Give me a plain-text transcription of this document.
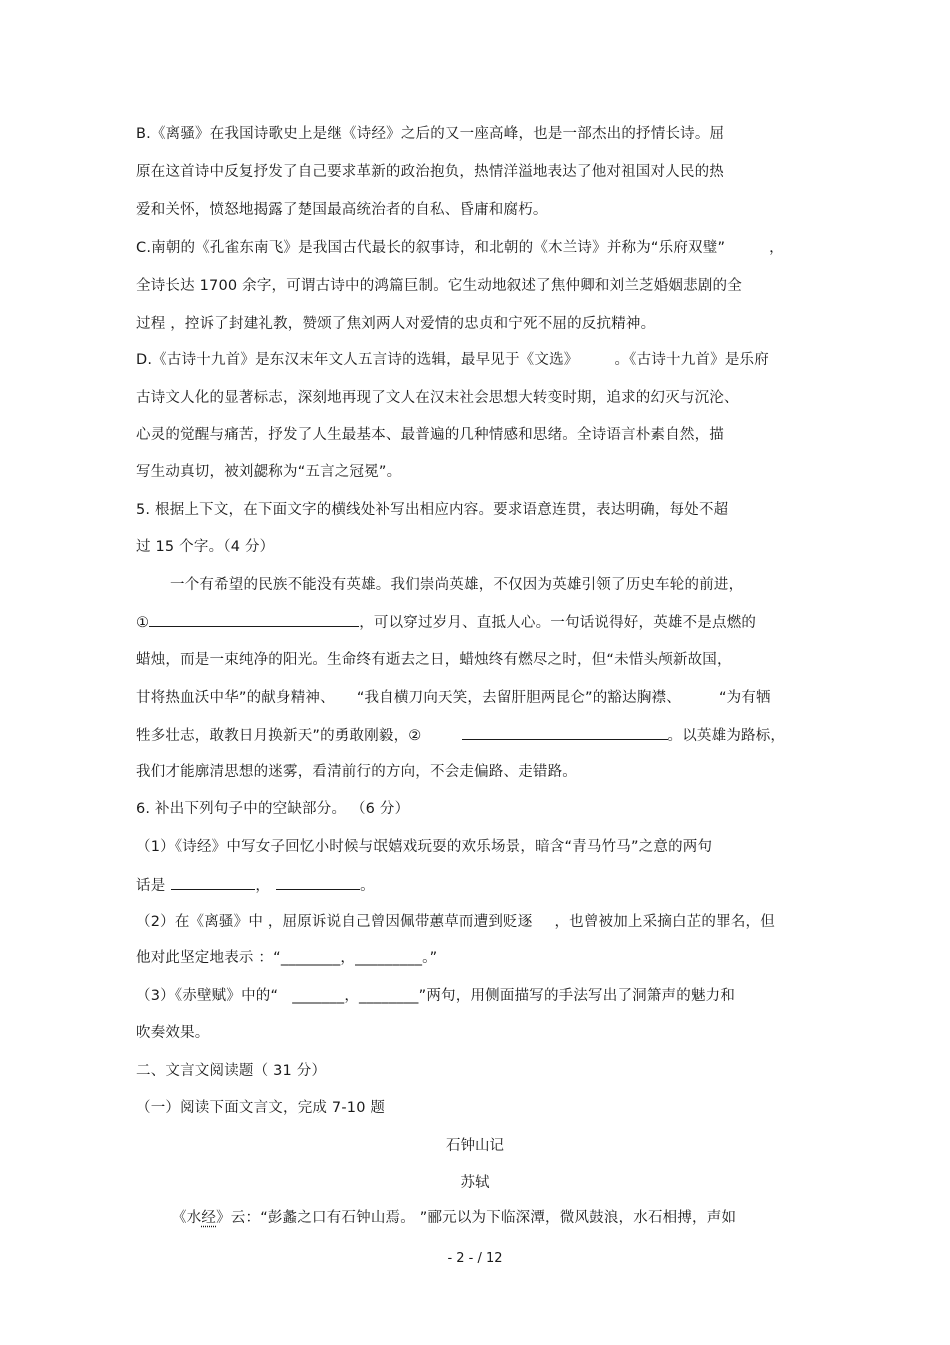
B.《离骚》在我国诗歌史上是继《诗经》之后的又一座高峰，也是一部杰出的抒情长诗。屈
原在这首诗中反复抒发了自己要求革新的政治抱负，热情洋溢地表达了他对祖国对人民的热
爱和关怀，愤怒地揭露了楚国最高统治者的自私、昏庸和腐朽。
C.南朝的《孔雀东南飞》是我国古代最长的叙事诗，和北朝的《木兰诗》并称为“乐府双璧”	，
全诗长达 1700 余字，可谓古诗中的鸿篇巨制。它生动地叙述了焦仲卿和刘兰芝婚姻悲剧的全
过程 ，控诉了封建礼教，赞颂了焦刘两人对爱情的忠贞和宁死不屈的反抗精神。
D.《古诗十九首》是东汉末年文人五言诗的选辑，最早见于《文选》 。《古诗十九首》是乐府
古诗文人化的显著标志，深刻地再现了文人在汉末社会思想大转变时期，追求的幻灭与沉沦、
心灵的觉醒与痛苦，抒发了人生最基本、最普遍的几种情感和思绪。全诗语言朴素自然，描
写生动真切，被刘勰称为“五言之冠冕”。
5. 根据上下文，在下面文字的横线处补写出相应内容。要求语意连贯，表达明确，每处不超
过 15 个字。（4 分）
一个有希望的民族不能没有英雄。我们崇尚英雄，不仅因为英雄引领了历史车轮的前进，
①	，可以穿过岁月、直抵人心。一句话说得好，英雄不是点燃的
蜡烛，而是一束纯净的阳光。生命终有逝去之日，蜡烛终有燃尽之时，但“未惜头颅新故国，
甘将热血沃中华”的献身精神、 “我自横刀向天笑，去留肝胆两昆仑”的豁达胸襟、	“为有牺
牲多壮志，敢教日月换新天”的勇敢刚毅，②	。以英雄为路标，
我们才能廓清思想的迷雾，看清前行的方向，不会走偏路、走错路。
6. 补出下列句子中的空缺部分。 （6 分）
（1）《诗经》中写女子回忆小时候与氓嬉戏玩耍的欢乐场景，暗含“青马竹马”之意的两句
话是	，	。
（2）在《离骚》中 ，屈原诉说自己曾因佩带蕙草而遭到贬逐 ，也曾被加上采摘白芷的罪名，但
他对此坚定地表示 ：“________，_________。”
（3）《赤壁赋》中的“ _______，________”两句，用侧面描写的手法写出了洞箫声的魅力和
吹奏效果。
二、文言文阅读题（ 31 分）
（一）阅读下面文言文，完成 7-10 题
石钟山记
苏轼
《水经》云：“彭蠡之口有石钟山焉。 ”郦元以为下临深潭，微风鼓浪，水石相搏，声如
- 2 - / 12
